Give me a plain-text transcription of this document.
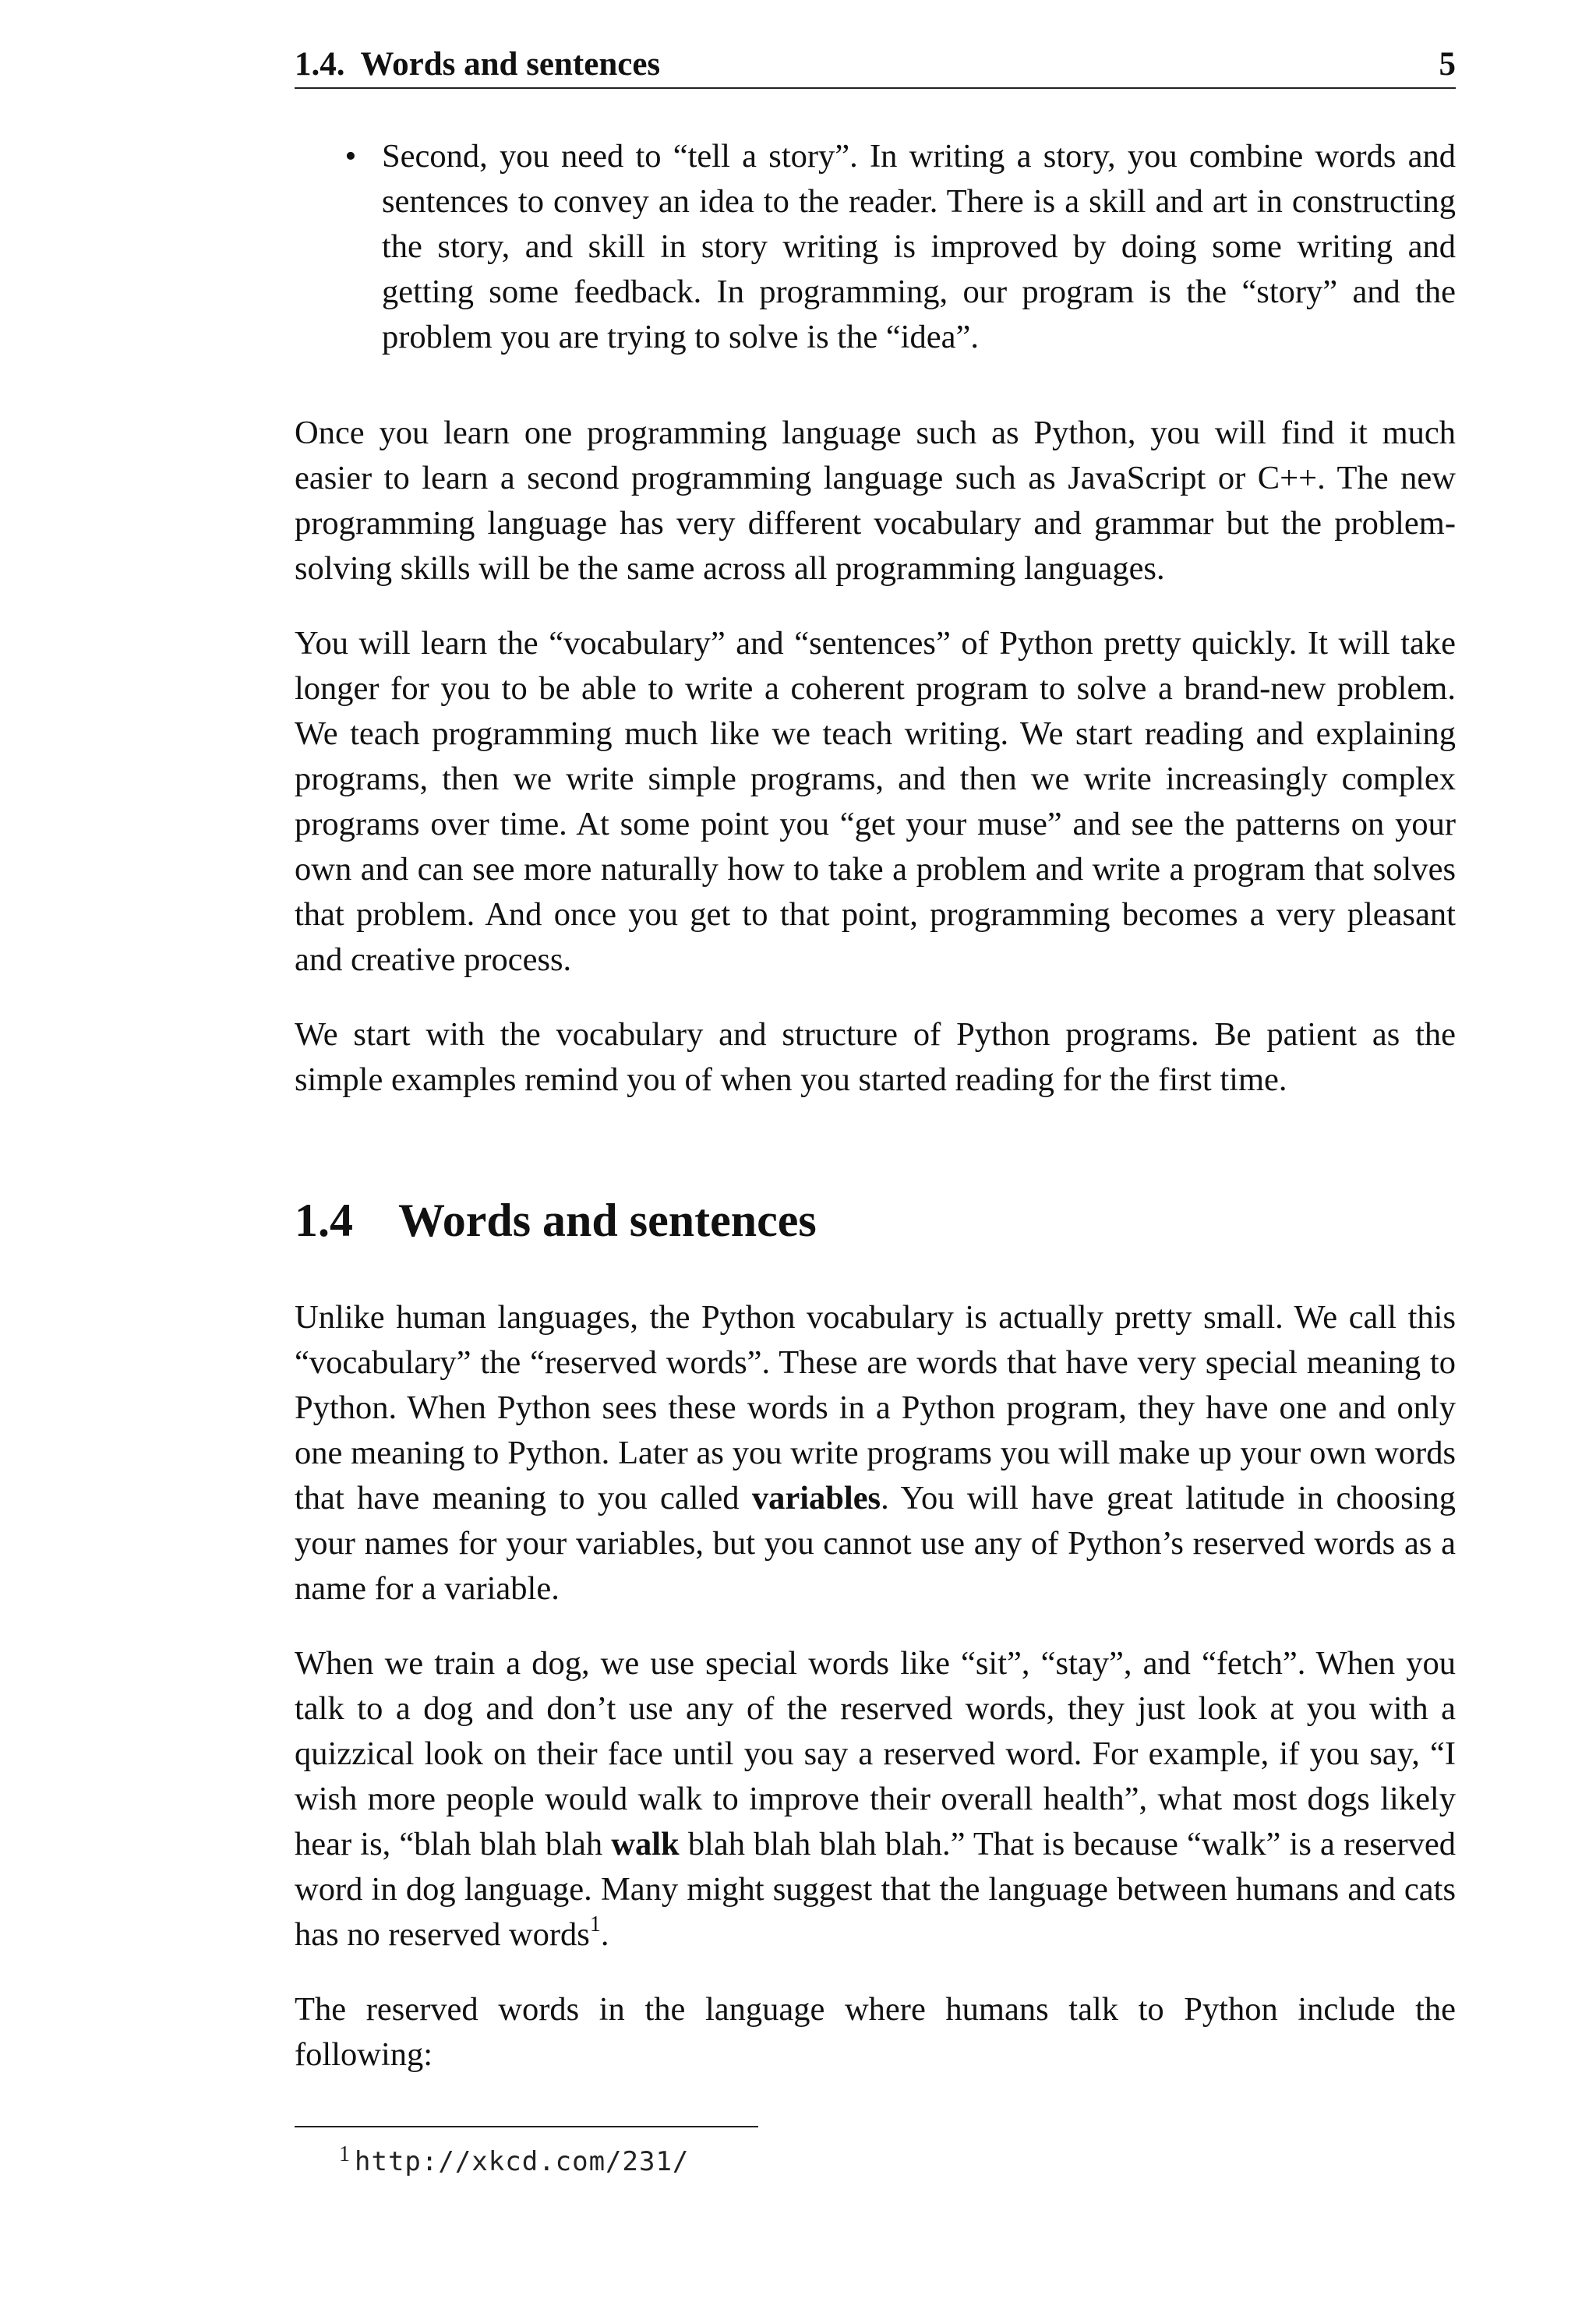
1.4. Words and sentences	5
• Second, you need to “tell a story”. In writing a story, you combine words and sentences to convey an idea to the reader. There is a skill and art in constructing the story, and skill in story writing is improved by doing some writing and getting some feedback. In programming, our program is the “story” and the problem you are trying to solve is the “idea”.

Once you learn one programming language such as Python, you will find it much easier to learn a second programming language such as JavaScript or C++. The new programming language has very different vocabulary and grammar but the problem-solving skills will be the same across all programming languages.

You will learn the “vocabulary” and “sentences” of Python pretty quickly. It will take longer for you to be able to write a coherent program to solve a brand-new problem. We teach programming much like we teach writing. We start reading and explaining programs, then we write simple programs, and then we write increasingly complex programs over time. At some point you “get your muse” and see the patterns on your own and can see more naturally how to take a problem and write a program that solves that problem. And once you get to that point, programming becomes a very pleasant and creative process.

We start with the vocabulary and structure of Python programs. Be patient as the simple examples remind you of when you started reading for the first time.

1.4 Words and sentences

Unlike human languages, the Python vocabulary is actually pretty small. We call this “vocabulary” the “reserved words”. These are words that have very special meaning to Python. When Python sees these words in a Python program, they have one and only one meaning to Python. Later as you write programs you will make up your own words that have meaning to you called variables. You will have great latitude in choosing your names for your variables, but you cannot use any of Python’s reserved words as a name for a variable.

When we train a dog, we use special words like “sit”, “stay”, and “fetch”. When you talk to a dog and don’t use any of the reserved words, they just look at you with a quizzical look on their face until you say a reserved word. For example, if you say, “I wish more people would walk to improve their overall health”, what most dogs likely hear is, “blah blah blah walk blah blah blah blah.” That is because “walk” is a reserved word in dog language. Many might suggest that the language between humans and cats has no reserved words$^1$.

The reserved words in the language where humans talk to Python include the following:

$^1$ http://xkcd.com/231/
